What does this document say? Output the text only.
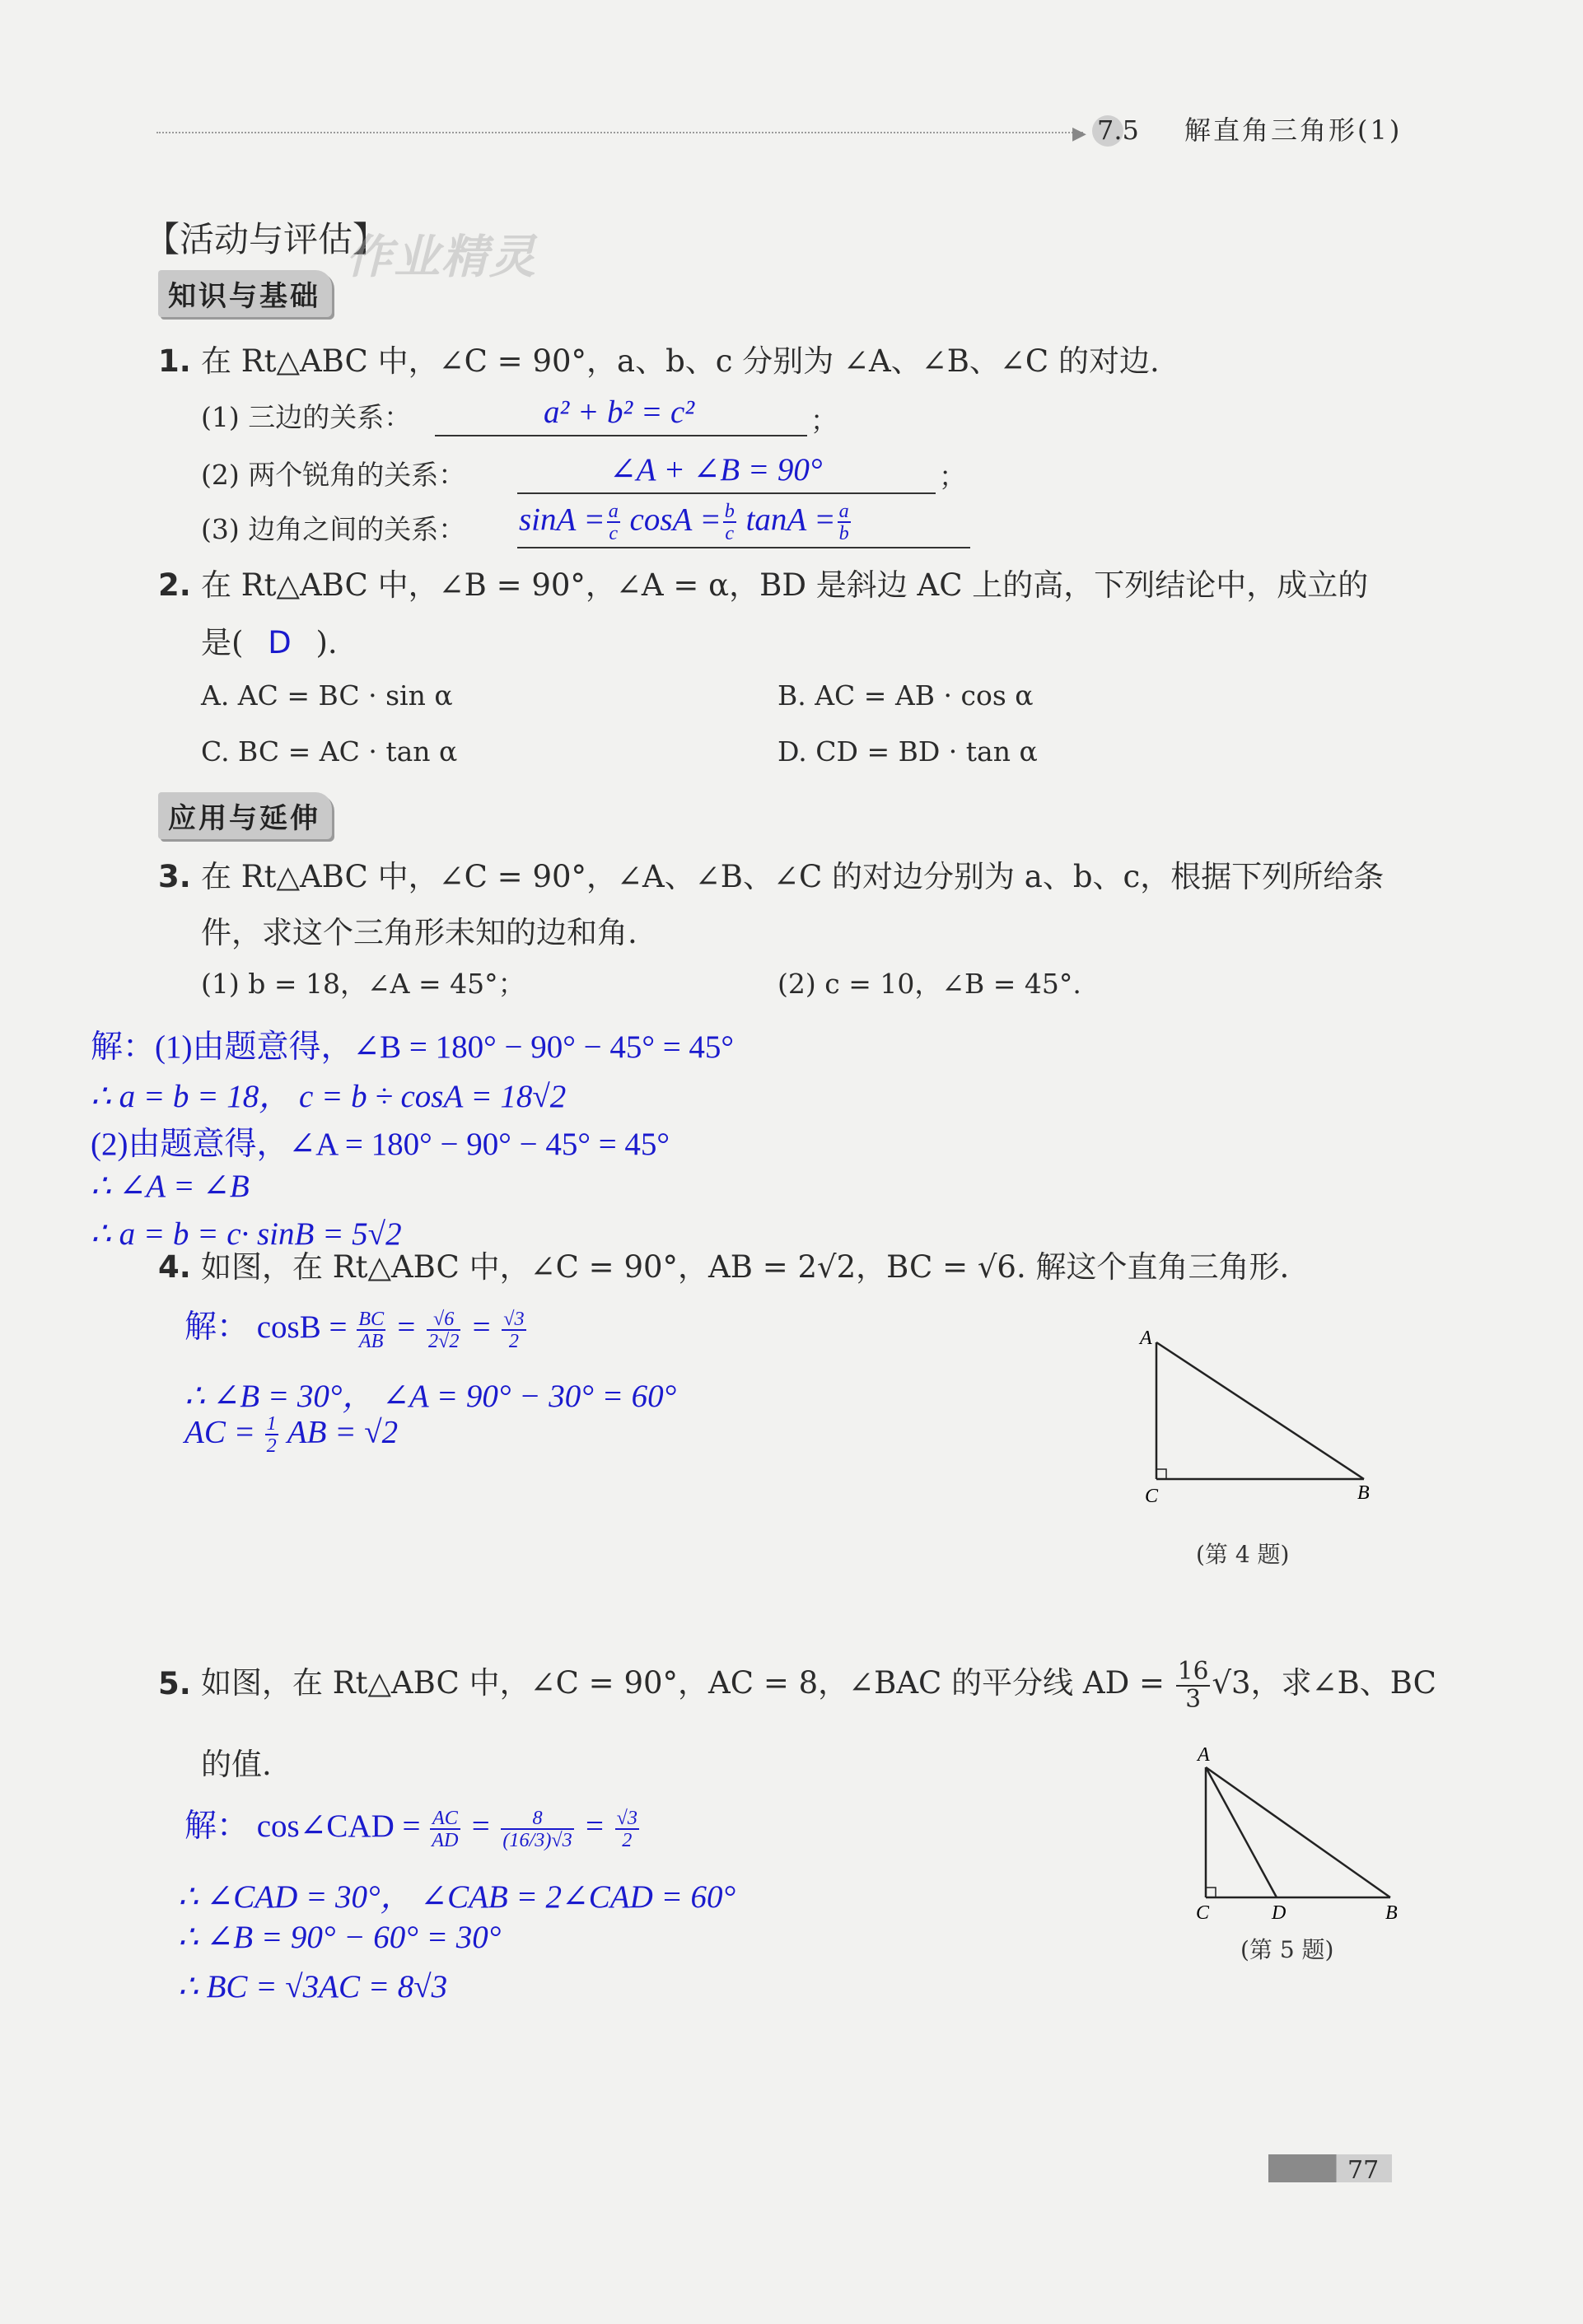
▶ 7.5 解直角三角形(1)
【活动与评估】
作业精灵
知识与基础
1. 在 Rt△ABC 中，∠C = 90°，a、b、c 分别为 ∠A、∠B、∠C 的对边.
(1) 三边的关系：	a² + b² = c²	；
(2) 两个锐角的关系：	∠A + ∠B = 90°	；
(3) 边角之间的关系： $\sin A = \frac{a}{c}$ $\cos A = \frac{b}{c}$ $\tan A = \frac{a}{b}$
2. 在 Rt△ABC 中，∠B = 90°，∠A = α，BD 是斜边 AC 上的高，下列结论中，成立的
是( D ).
A. AC = BC · sin α	B. AC = AB · cos α
C. BC = AC · tan α	D. CD = BD · tan α
应用与延伸
3. 在 Rt△ABC 中，∠C = 90°，∠A、∠B、∠C 的对边分别为 a、b、c，根据下列所给条
件，求这个三角形未知的边和角.
(1) b = 18，∠A = 45°；	(2) c = 10，∠B = 45°.
解：(1)由题意得，∠B = 180° − 90° − 45° = 45°
∴ a = b = 18， c = b ÷ cosA = 18√2
(2)由题意得，∠A = 180° − 90° − 45° = 45°
∴ ∠A = ∠B
∴ a = b = c· sinB = 5√2
4. 如图，在 Rt△ABC 中，∠C = 90°，AB = 2√2，BC = √6. 解这个直角三角形.
解： $\cos B = \frac{BC}{AB} = \frac{√6}{2√2} = \frac{√3}{2}$
∴ ∠B = 30°， ∠A = 90° − 30° = 60°
AC = $\frac{1}{2}$ AB = √2
A
C	B
(第 4 题)
5. 如图，在 Rt△ABC 中，∠C = 90°，AC = 8，∠BAC 的平分线 AD = $\frac{16}{3} √3$，求∠B、BC
的值.
解： cos∠CAD = $\frac{AC}{AD} = \frac{8}{(16/3)√3} = \frac{√3}{2}$
∴ ∠CAD = 30°， ∠CAB = 2∠CAD = 60°
∴ ∠B = 90° − 60° = 30°
∴ BC = √3AC = 8√3
A
C	D	B
(第 5 题)
77
